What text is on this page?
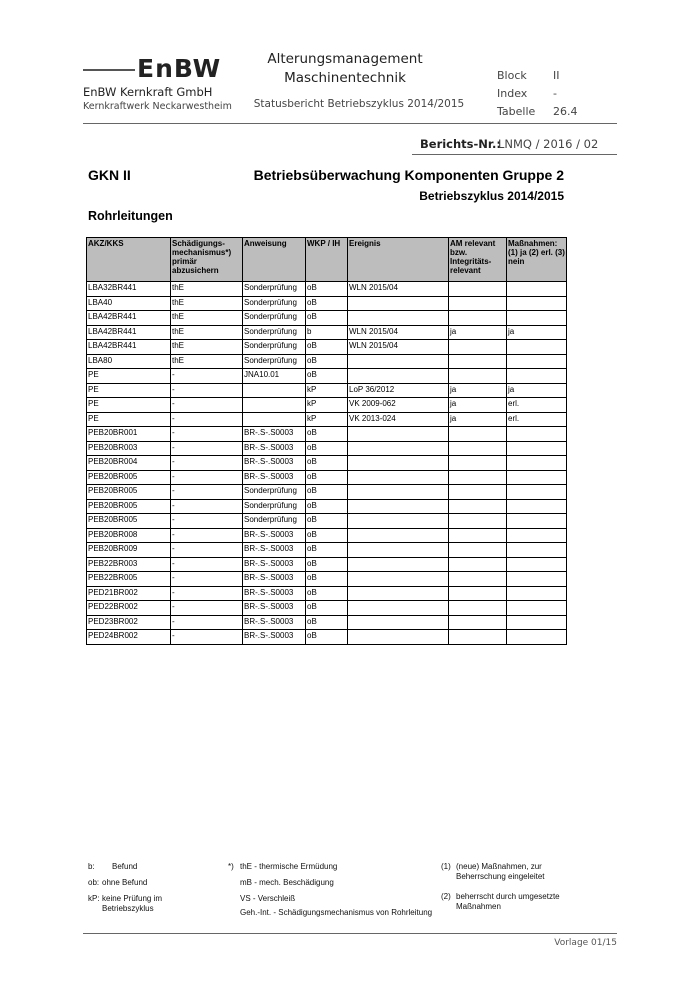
EnBW
EnBW Kernkraft GmbH
Kernkraftwerk Neckarwestheim
Alterungsmanagement
Maschinentechnik
Statusbericht Betriebszyklus 2014/2015
Block II
Index -
Tabelle 26.4
Berichts-Nr.:
LNMQ / 2016 / 02
GKN II	Betriebsüberwachung Komponenten Gruppe 2
Betriebszyklus 2014/2015
Rohrleitungen
AKZ/KKS	Schädigungs-mechanismus*) primär abzusichern	Anweisung	WKP / IH	Ereignis	AM relevant bzw. Integritäts-relevant	Maßnahmen: (1) ja (2) erl. (3) nein
LBA32BR441	thE	Sonderprüfung	oB	WLN 2015/04		
LBA40	thE	Sonderprüfung	oB			
LBA42BR441	thE	Sonderprüfung	oB			
LBA42BR441	thE	Sonderprüfung	b	WLN 2015/04	ja	ja
LBA42BR441	thE	Sonderprüfung	oB	WLN 2015/04		
LBA80	thE	Sonderprüfung	oB			
PE	-	JNA10.01	oB			
PE	-		kP	LoP 36/2012	ja	ja
PE	-		kP	VK 2009-062	ja	erl.
PE	-		kP	VK 2013-024	ja	erl.
PEB20BR001	-	BR-.S-.S0003	oB			
PEB20BR003	-	BR-.S-.S0003	oB			
PEB20BR004	-	BR-.S-.S0003	oB			
PEB20BR005	-	BR-.S-.S0003	oB			
PEB20BR005	-	Sonderprüfung	oB			
PEB20BR005	-	Sonderprüfung	oB			
PEB20BR005	-	Sonderprüfung	oB			
PEB20BR008	-	BR-.S-.S0003	oB			
PEB20BR009	-	BR-.S-.S0003	oB			
PEB22BR003	-	BR-.S-.S0003	oB			
PEB22BR005	-	BR-.S-.S0003	oB			
PED21BR002	-	BR-.S-.S0003	oB			
PED22BR002	-	BR-.S-.S0003	oB			
PED23BR002	-	BR-.S-.S0003	oB			
PED24BR002	-	BR-.S-.S0003	oB			
b: Befund
ob: ohne Befund
kP: keine Prüfung im Betriebszyklus
*) thE - thermische Ermüdung
mB - mech. Beschädigung
VS - Verschleiß
Geh.-Int. - Schädigungsmechanismus von Rohrleitung
(1) (neue) Maßnahmen, zur Beherrschung eingeleitet
(2) beherrscht durch umgesetzte Maßnahmen
Vorlage 01/15
